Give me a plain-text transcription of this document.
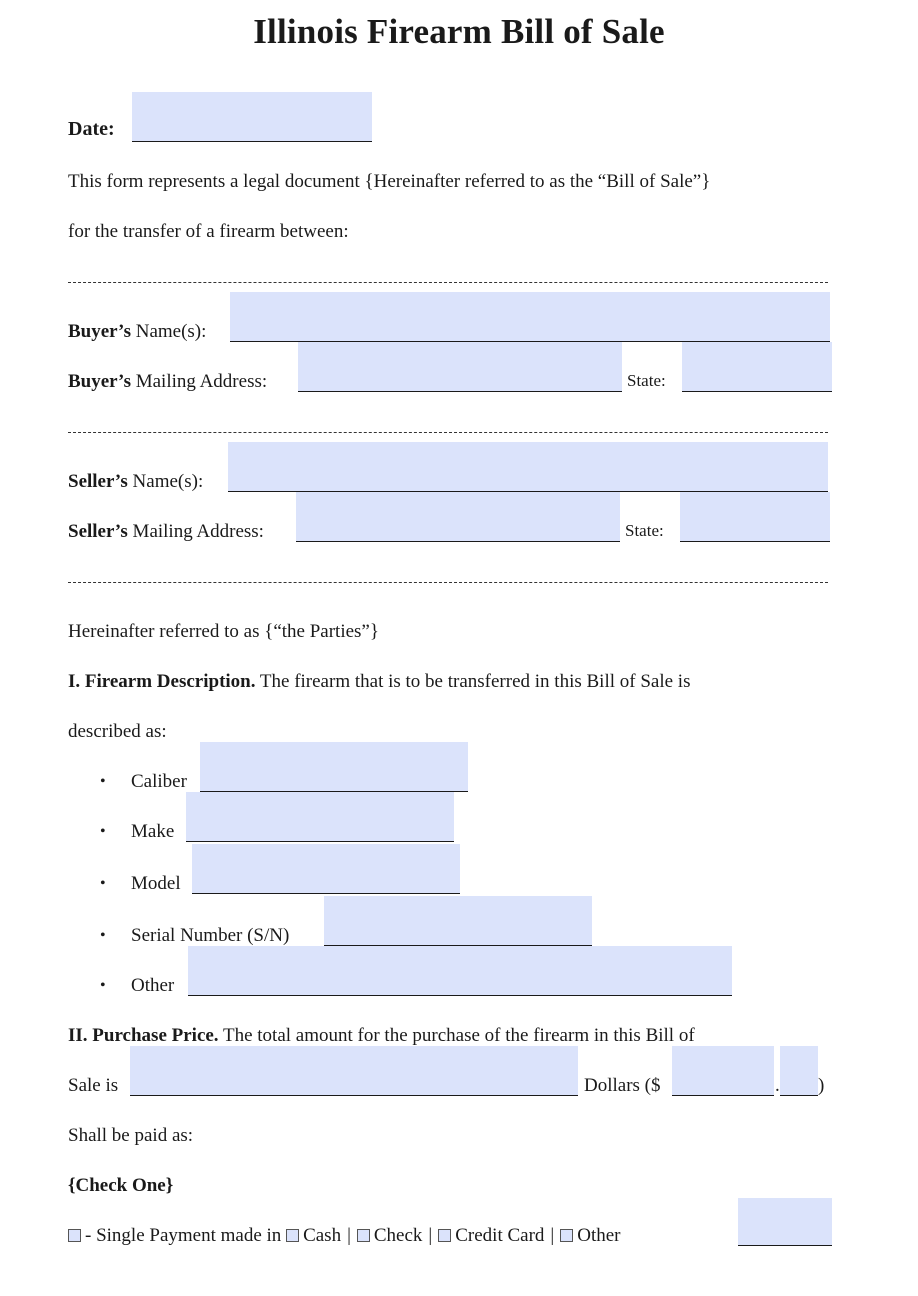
Illinois Firearm Bill of Sale
Date:
This form represents a legal document {Hereinafter referred to as the “Bill of Sale”}
for the transfer of a firearm between:
Buyer’s Name(s):
Buyer’s Mailing Address:	State:
Seller’s Name(s):
Seller’s Mailing Address:	State:
Hereinafter referred to as {“the Parties”}
I. Firearm Description. The firearm that is to be transferred in this Bill of Sale is
described as:
• Caliber
• Make
• Model
• Serial Number (S/N)
• Other
II. Purchase Price. The total amount for the purchase of the firearm in this Bill of
Sale is	Dollars ($	. )
Shall be paid as:
{Check One}
- Single Payment made in Cash | Check | Credit Card | Other
